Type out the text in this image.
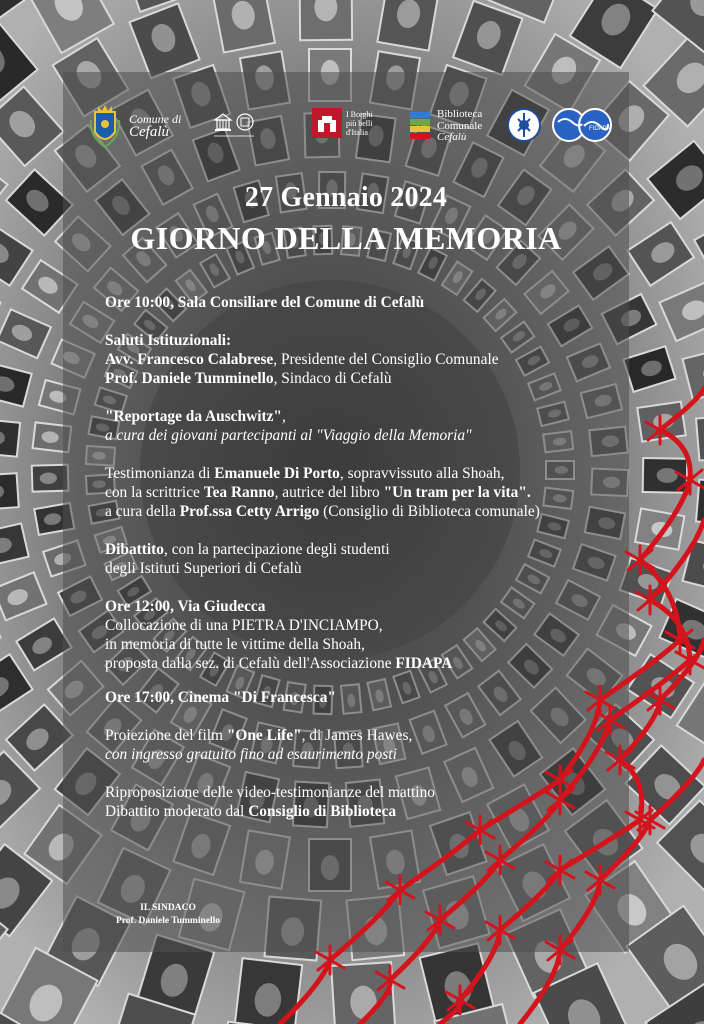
Comune di
Cefalù
I Borghi
più belli
d'Italia
Biblioteca
Comunale
Cefalù
FIDAPA
27 Gennaio 2024
GIORNO DELLA MEMORIA

Ore 10:00, Sala Consiliare del Comune di Cefalù

Saluti Istituzionali:

Avv. Francesco Calabrese, Presidente del Consiglio Comunale

Prof. Daniele Tumminello, Sindaco di Cefalù

"Reportage da Auschwitz",

a cura dei giovani partecipanti al "Viaggio della Memoria"

Testimonianza di Emanuele Di Porto, sopravvissuto alla Shoah,

con la scrittrice Tea Ranno, autrice del libro "Un tram per la vita".

a cura della Prof.ssa Cetty Arrigo (Consiglio di Biblioteca comunale)

Dibattito, con la partecipazione degli studenti

degli Istituti Superiori di Cefalù

Ore 12:00, Via Giudecca

Collocazione di una PIETRA D'INCIAMPO,

in memoria di tutte le vittime della Shoah,

proposta dalla sez. di Cefalù dell'Associazione FIDAPA

Ore 17:00, Cinema "Di Francesca"

Proiezione del film "One Life", di James Hawes,

con ingresso gratuito fino ad esaurimento posti

Riproposizione delle video-testimonianze del mattino

Dibattito moderato dal Consiglio di Biblioteca

IL SINDACO
Prof. Daniele Tumminello
